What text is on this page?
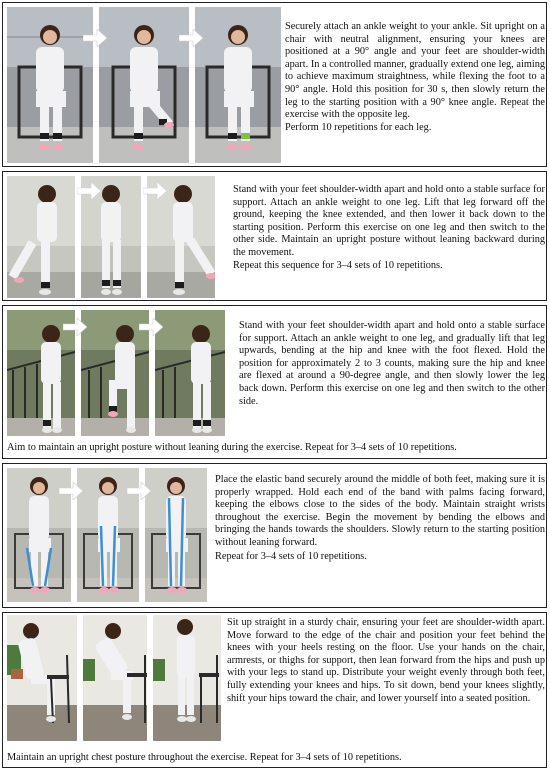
Securely attach an ankle weight to your ankle. Sit upright on a chair with neutral alignment, ensuring your knees are positioned at a 90° angle and your feet are shoulder-width apart. In a controlled manner, gradually extend one leg, aiming to achieve maximum straightness, while flexing the foot to a 90° angle. Hold this position for 30 s, then slowly return the leg to the starting position with a 90° knee angle. Repeat the exercise with the opposite leg.

Perform 10 repetitions for each leg.

Stand with your feet shoulder-width apart and hold onto a stable surface for support. Attach an ankle weight to one leg. Lift that leg forward off the ground, keeping the knee extended, and then lower it back down to the starting position. Perform this exercise on one leg and then switch to the other side. Maintain an upright posture without leaning backward during the movement.

Repeat this sequence for 3–4 sets of 10 repetitions.

Stand with your feet shoulder-width apart and hold onto a stable surface for support. Attach an ankle weight to one leg, and gradually lift that leg upwards, bending at the hip and knee with the foot flexed. Hold the position for approximately 2 to 3 counts, making sure the hip and knee are flexed at around a 90-degree angle, and then slowly lower the leg back down. Perform this exercise on one leg and then switch to the other side.

Aim to maintain an upright posture without leaning during the exercise. Repeat for 3–4 sets of 10 repetitions.

Place the elastic band securely around the middle of both feet, making sure it is properly wrapped. Hold each end of the band with palms facing forward, keeping the elbows close to the sides of the body. Maintain straight wrists throughout the exercise. Begin the movement by bending the elbows and bringing the hands towards the shoulders. Slowly return to the starting position without leaning forward.

Repeat for 3–4 sets of 10 repetitions.

Sit up straight in a sturdy chair, ensuring your feet are shoulder-width apart. Move forward to the edge of the chair and position your feet behind the knees with your heels resting on the floor. Use your hands on the chair, armrests, or thighs for support, then lean forward from the hips and push up with your legs to stand up. Distribute your weight evenly through both feet, fully extending your knees and hips. To sit down, bend your knees slightly, shift your hips toward the chair, and lower yourself into a seated position.

Maintain an upright chest posture throughout the exercise. Repeat for 3–4 sets of 10 repetitions.
